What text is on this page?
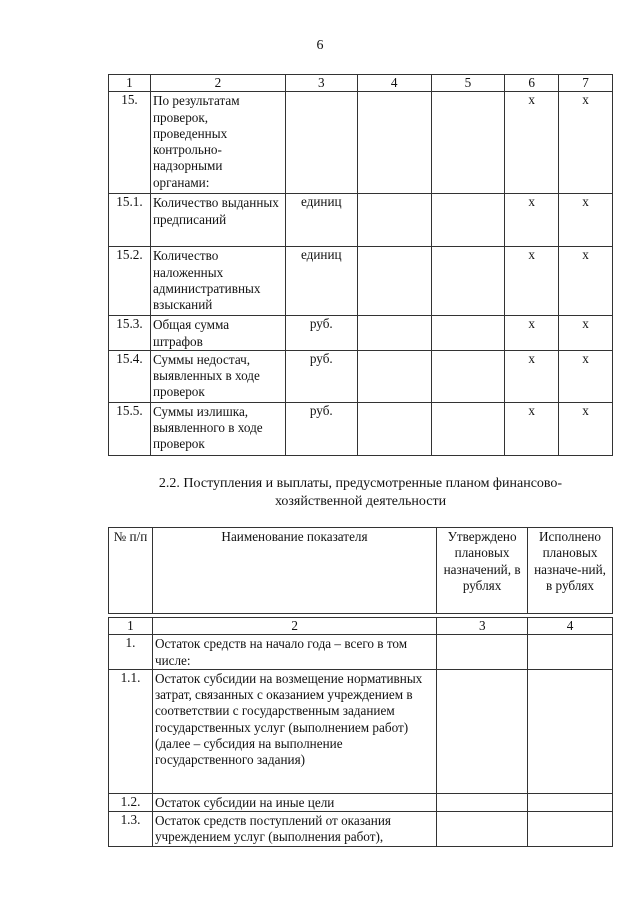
6
1	2	3	4	5	6	7
15.	По результатам проверок, проведенных контрольно-надзорными органами:				х	х
15.1.	Количество выданных предписаний	единиц			х	х
15.2.	Количество наложенных административных взысканий	единиц			х	х
15.3.	Общая сумма штрафов	руб.			х	х
15.4.	Суммы недостач, выявленных в ходе проверок	руб.			х	х
15.5.	Суммы излишка, выявленного в ходе проверок	руб.			х	х
2.2. Поступления и выплаты, предусмотренные планом финансово-
хозяйственной деятельности
№ п/п	Наименование показателя	Утверждено плановых назначений, в рублях	Исполнено плановых назначе-ний, в рублях
1	2	3	4
1.	Остаток средств на начало года – всего в том числе:		
1.1.	Остаток субсидии на возмещение нормативных затрат, связанных с оказанием учреждением в соответствии с государственным заданием государственных услуг (выполнением работ) (далее – субсидия на выполнение государственного задания)		
1.2.	Остаток субсидии на иные цели		
1.3.	Остаток средств поступлений от оказания учреждением услуг (выполнения работ),		
